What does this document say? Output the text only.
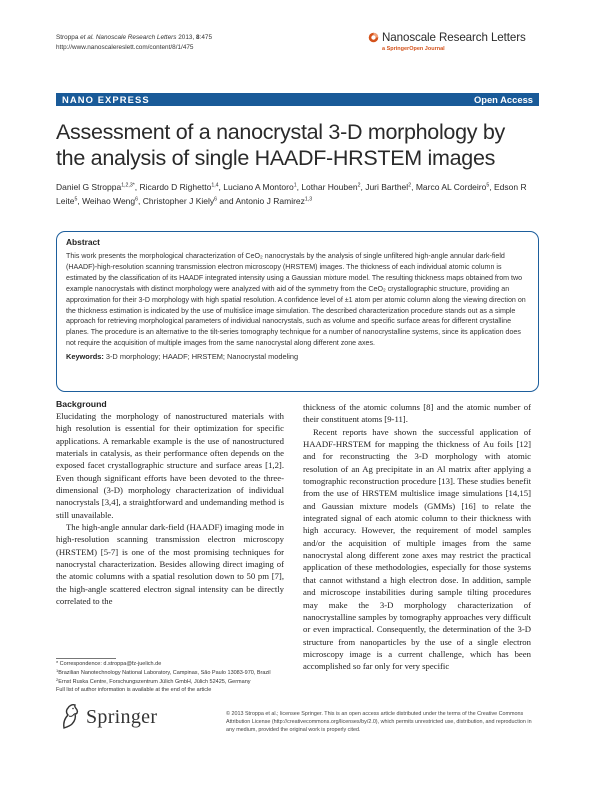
Stroppa et al. Nanoscale Research Letters 2013, 8:475
http://www.nanoscalereslett.com/content/8/1/475
Nanoscale Research Letters
a SpringerOpen Journal
NANO EXPRESS	Open Access
Assessment of a nanocrystal 3-D morphology by the analysis of single HAADF-HRSTEM images
Daniel G Stroppa$^{1,2,3*}$, Ricardo D Righetto$^{1,4}$, Luciano A Montoro$^1$, Lothar Houben$^2$, Juri Barthel$^2$, Marco AL Cordeiro$^5$, Edson R Leite$^5$, Weihao Weng$^6$, Christopher J Kiely$^6$ and Antonio J Ramirez$^{1,3}$
Abstract
This work presents the morphological characterization of CeO₂ nanocrystals by the analysis of single unfiltered high-angle annular dark-field (HAADF)-high-resolution scanning transmission electron microscopy (HRSTEM) images. The thickness of each individual atomic column is estimated by the classification of its HAADF integrated intensity using a Gaussian mixture model. The resulting thickness maps obtained from two example nanocrystals with distinct morphology were analyzed with aid of the symmetry from the CeO₂ crystallographic structure, providing an approximation for their 3-D morphology with high spatial resolution. A confidence level of ±1 atom per atomic column along the viewing direction on the thickness estimation is indicated by the use of multislice image simulation. The described characterization procedure stands out as a simple approach for retrieving morphological parameters of individual nanocrystals, such as volume and specific surface areas for different crystalline planes. The procedure is an alternative to the tilt-series tomography technique for a number of nanocrystalline systems, since its application does not require the acquisition of multiple images from the same nanocrystal along different zone axes.
Keywords: 3-D morphology; HAADF; HRSTEM; Nanocrystal modeling
Background

Elucidating the morphology of nanostructured materials with high resolution is essential for their optimization for specific applications. A remarkable example is the use of nanostructured materials in catalysis, as their performance often depends on the exposed facet crystallographic structure and surface areas [1,2]. Even though significant efforts have been devoted to the three-dimensional (3-D) morphology characterization of individual nanocrystals [3,4], a straightforward and undemanding method is still unavailable.

The high-angle annular dark-field (HAADF) imaging mode in high-resolution scanning transmission electron microscopy (HRSTEM) [5-7] is one of the most promising techniques for nanocrystal characterization. Besides allowing direct imaging of the atomic columns with a spatial resolution down to 50 pm [7], the high-angle scattered electron signal intensity can be directly correlated to the

thickness of the atomic columns [8] and the atomic number of their constituent atoms [9-11].

Recent reports have shown the successful application of HAADF-HRSTEM for mapping the thickness of Au foils [12] and for reconstructing the 3-D morphology with atomic resolution of an Ag precipitate in an Al matrix after applying a tomographic reconstruction procedure [13]. These studies benefit from the use of HRSTEM multislice image simulations [14,15] and Gaussian mixture models (GMMs) [16] to relate the integrated signal of each atomic column to their thickness with high accuracy. However, the requirement of model samples and/or the acquisition of multiple images from the same nanocrystal along different zone axes may restrict the practical application of these methodologies, especially for those systems that cannot withstand a high electron dose. In addition, sample and microscope instabilities during sample tilting procedures may make the 3-D morphology characterization of nanocrystalline samples by tomography approaches very difficult or even impractical. Consequently, the determination of the 3-D structure from nanoparticles by the use of a single electron microscopy image is a current challenge, which has been accomplished so far only for very specific

* Correspondence: d.stroppa@fz-juelich.de
$^1$Brazilian Nanotechnology National Laboratory, Campinas, São Paulo 13083-970, Brazil
$^2$Ernst Ruska Centre, Forschungszentrum Jülich GmbH, Jülich 52425, Germany
Full list of author information is available at the end of the article
Springer	© 2013 Stroppa et al.; licensee Springer. This is an open access article distributed under the terms of the Creative Commons Attribution License (http://creativecommons.org/licenses/by/2.0), which permits unrestricted use, distribution, and reproduction in any medium, provided the original work is properly cited.
